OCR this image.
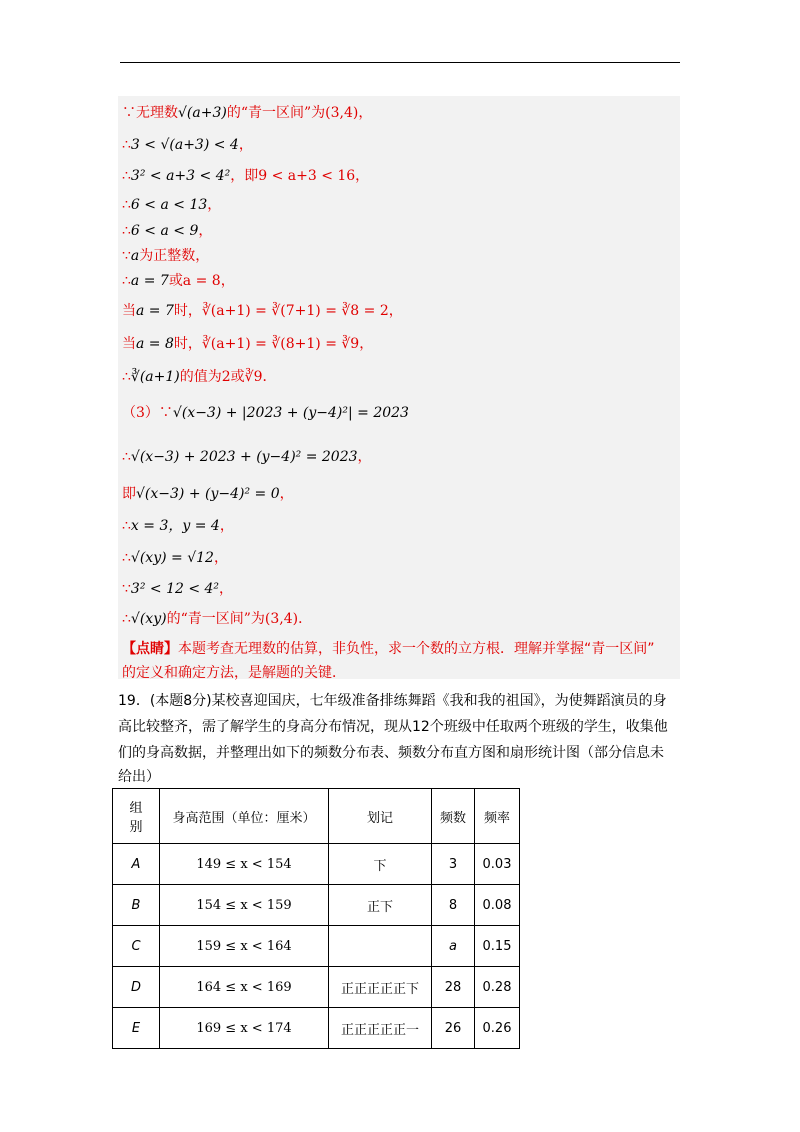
∵无理数√(a+3)的“青一区间”为(3,4)，
∴3 < √(a+3) < 4，
∴3² < a+3 < 4²，即9 < a+3 < 16，
∴6 < a < 13，
∴6 < a < 9，
∵a为正整数，
∴a = 7或a = 8，
当a = 7时，∛(a+1) = ∛(7+1) = ∛8 = 2，
当a = 8时，∛(a+1) = ∛(8+1) = ∛9，
∴∛(a+1)的值为2或∛9．
（3）∵√(x−3) + |2023 + (y−4)²| = 2023
∴√(x−3) + 2023 + (y−4)² = 2023，
即√(x−3) + (y−4)² = 0，
∴x = 3，y = 4，
∴√(xy) = √12，
∵3² < 12 < 4²，
∴√(xy)的“青一区间”为(3,4)．
【点睛】本题考查无理数的估算，非负性，求一个数的立方根．理解并掌握“青一区间”
的定义和确定方法，是解题的关键．
19．(本题8分)某校喜迎国庆，七年级准备排练舞蹈《我和我的祖国》，为使舞蹈演员的身
高比较整齐，需了解学生的身高分布情况，现从12个班级中任取两个班级的学生，收集他
们的身高数据，并整理出如下的频数分布表、频数分布直方图和扇形统计图（部分信息未
给出）
组
别	身高范围（单位：厘米）	划记	频数	频率
A	149 ≤ x < 154	下	3	0.03
B	154 ≤ x < 159	正下	8	0.08
C	159 ≤ x < 164		a	0.15
D	164 ≤ x < 169	正正正正正下	28	0.28
E	169 ≤ x < 174	正正正正正一	26	0.26
